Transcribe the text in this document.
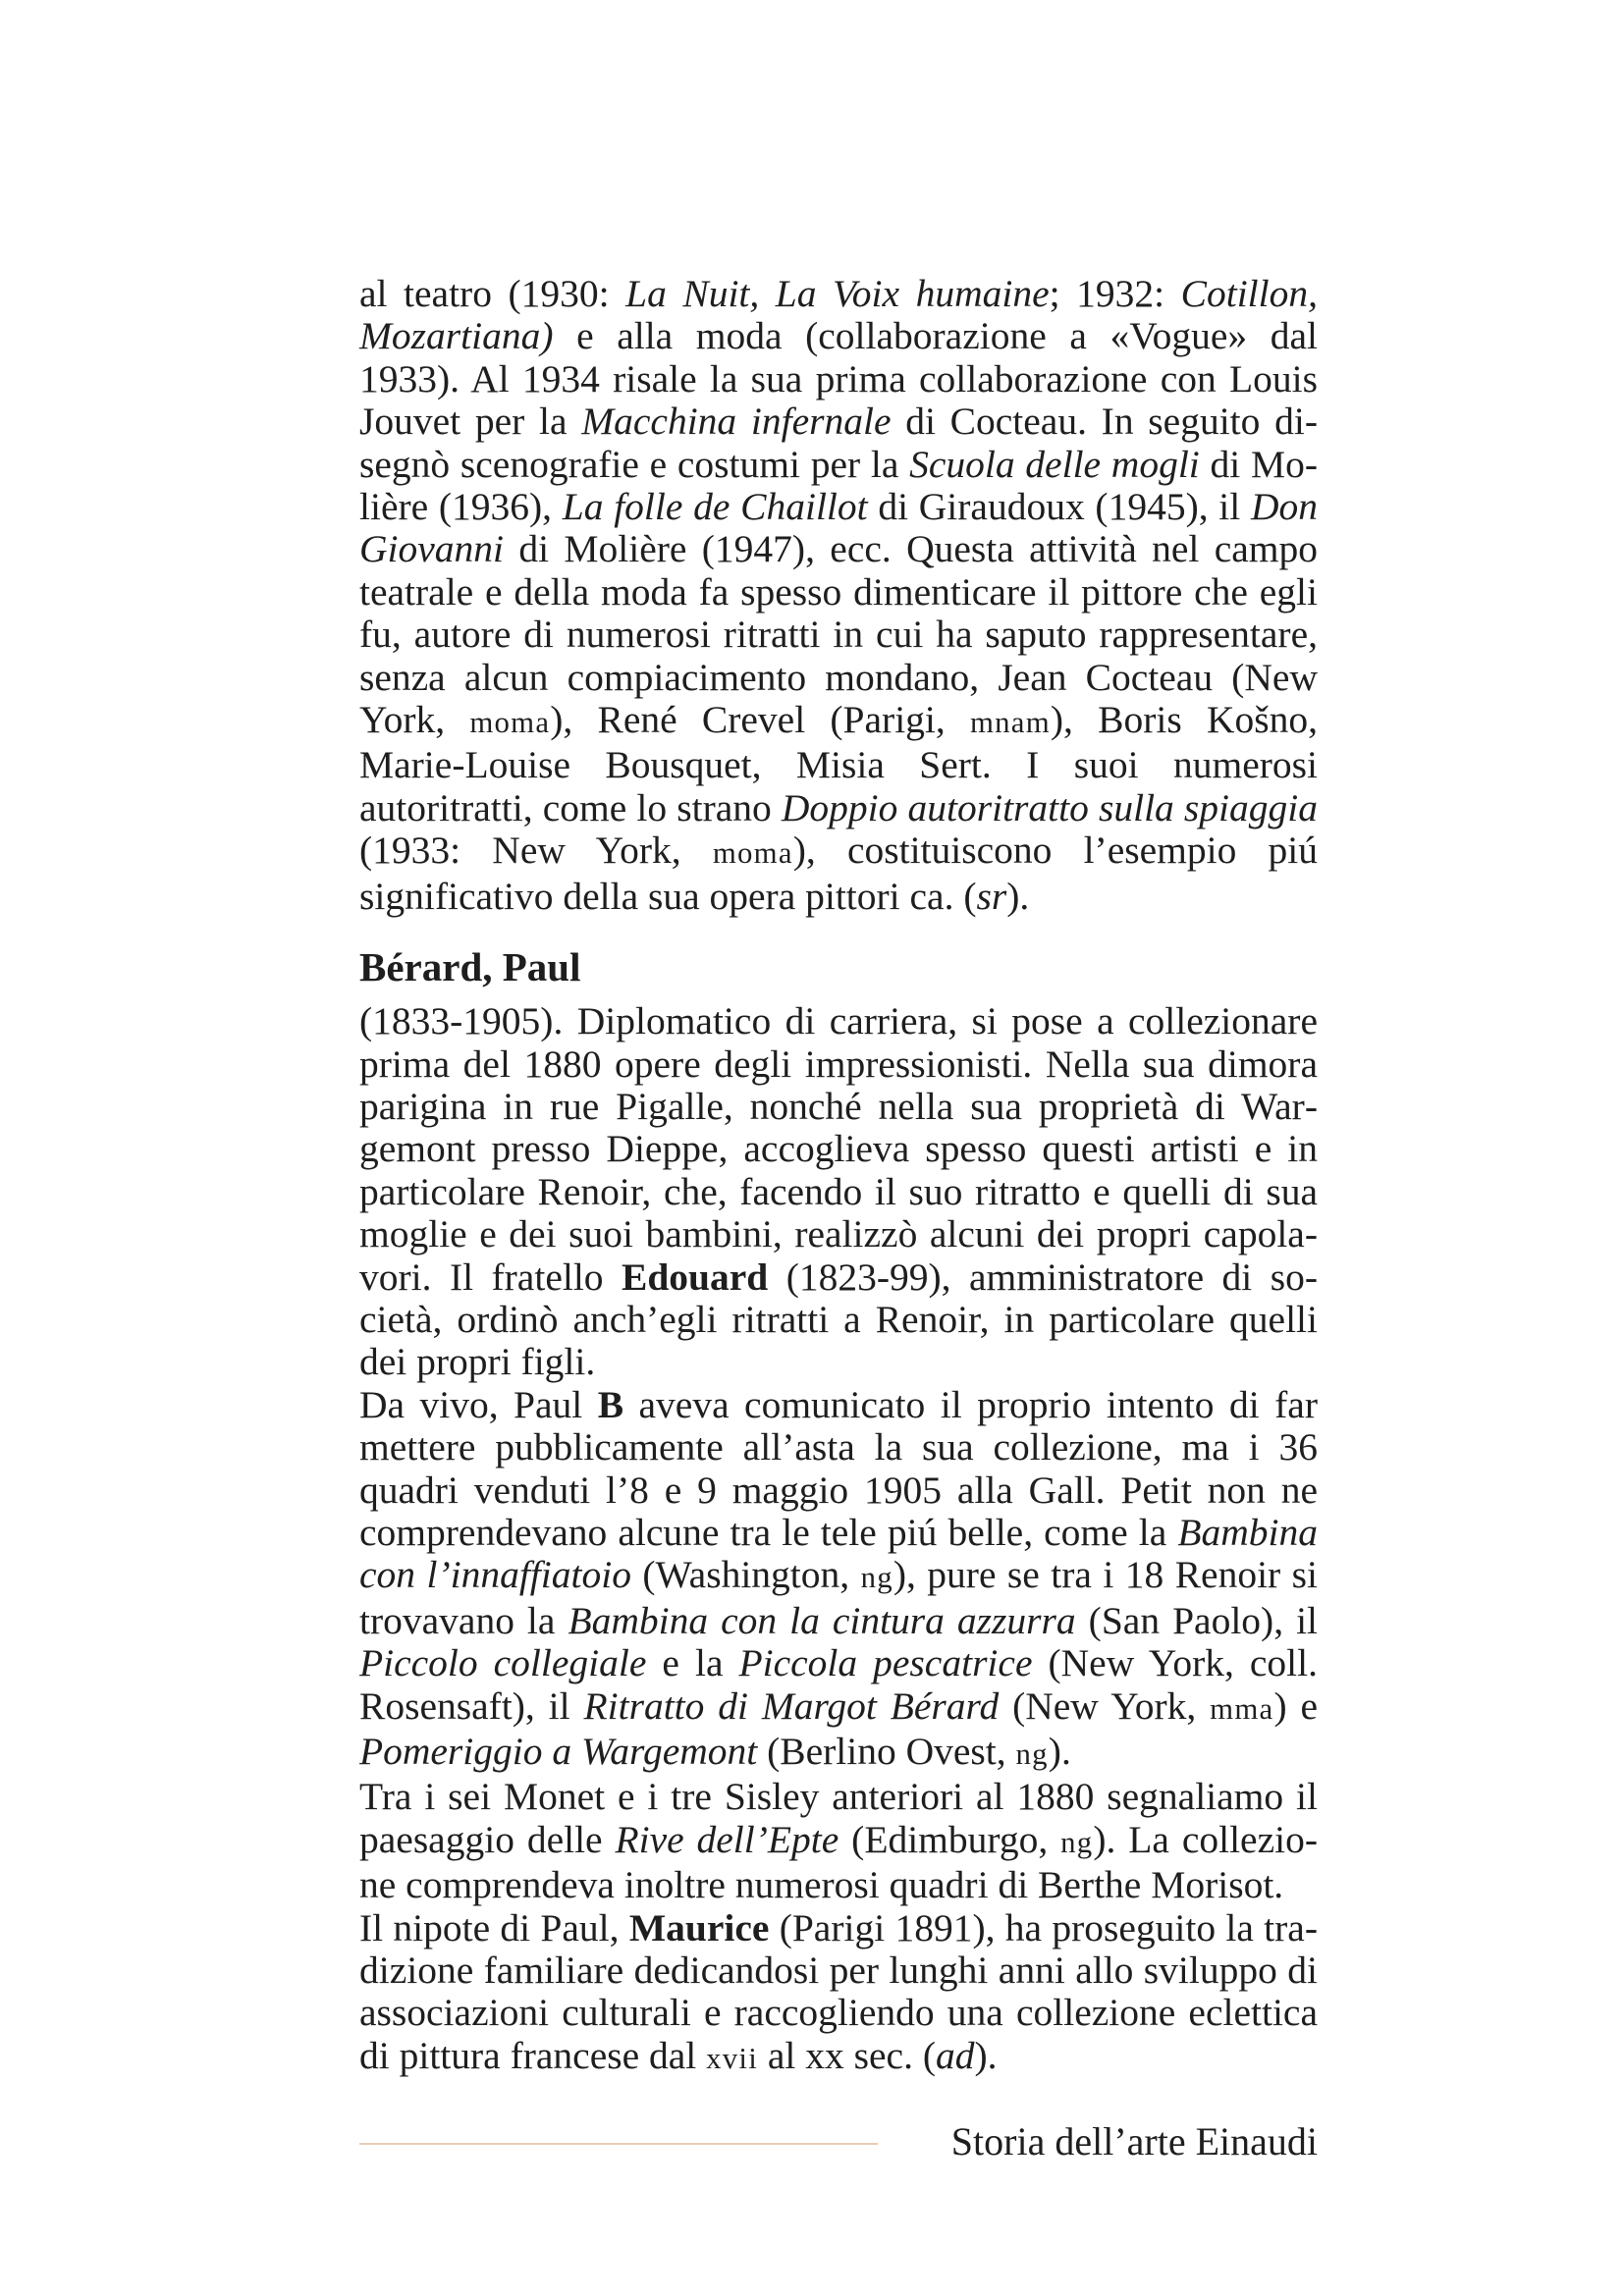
al teatro (1930: La Nuit, La Voix humaine; 1932: Cotillon, Mozartiana) e alla moda (collaborazione a «Vogue» dal 1933). Al 1934 risale la sua prima collaborazione con Louis Jouvet per la Macchina infernale di Cocteau. In seguito disegnò scenografie e costumi per la Scuola delle mogli di Molière (1936), La folle de Chaillot di Giraudoux (1945), il Don Giovanni di Molière (1947), ecc. Questa attività nel campo teatrale e della moda fa spesso dimenticare il pittore che egli fu, autore di numerosi ritratti in cui ha saputo rappresentare, senza alcun compiacimento mondano, Jean Cocteau (New York, moma), René Crevel (Parigi, mnam), Boris Košno, Marie-Louise Bousquet, Misia Sert. I suoi numerosi autoritratti, come lo strano Doppio autoritratto sulla spiaggia (1933: New York, moma), costituiscono l’esempio piú significativo della sua opera pittori ca. (sr).

Bérard, Paul

(1833-1905). Diplomatico di carriera, si pose a collezionare prima del 1880 opere degli impressionisti. Nella sua dimora parigina in rue Pigalle, nonché nella sua proprietà di Wargemont presso Dieppe, accoglieva spesso questi artisti e in particolare Renoir, che, facendo il suo ritratto e quelli di sua moglie e dei suoi bambini, realizzò alcuni dei propri capolavori. Il fratello Edouard (1823-99), amministratore di società, ordinò anch’egli ritratti a Renoir, in particolare quelli dei propri figli.

Da vivo, Paul B aveva comunicato il proprio intento di far mettere pubblicamente all’asta la sua collezione, ma i 36 quadri venduti l’8 e 9 maggio 1905 alla Gall. Petit non ne comprendevano alcune tra le tele piú belle, come la Bambina con l’innaffiatoio (Washington, ng), pure se tra i 18 Renoir si trovavano la Bambina con la cintura azzurra (San Paolo), il Piccolo collegiale e la Piccola pescatrice (New York, coll. Rosensaft), il Ritratto di Margot Bérard (New York, mma) e Pomeriggio a Wargemont (Berlino Ovest, ng).

Tra i sei Monet e i tre Sisley anteriori al 1880 segnaliamo il paesaggio delle Rive dell’Epte (Edimburgo, ng). La collezione comprendeva inoltre numerosi quadri di Berthe Morisot.

Il nipote di Paul, Maurice (Parigi 1891), ha proseguito la tradizione familiare dedicandosi per lunghi anni allo sviluppo di associazioni culturali e raccogliendo una collezione eclettica di pittura francese dal xvii al xx sec. (ad).

Storia dell’arte Einaudi
